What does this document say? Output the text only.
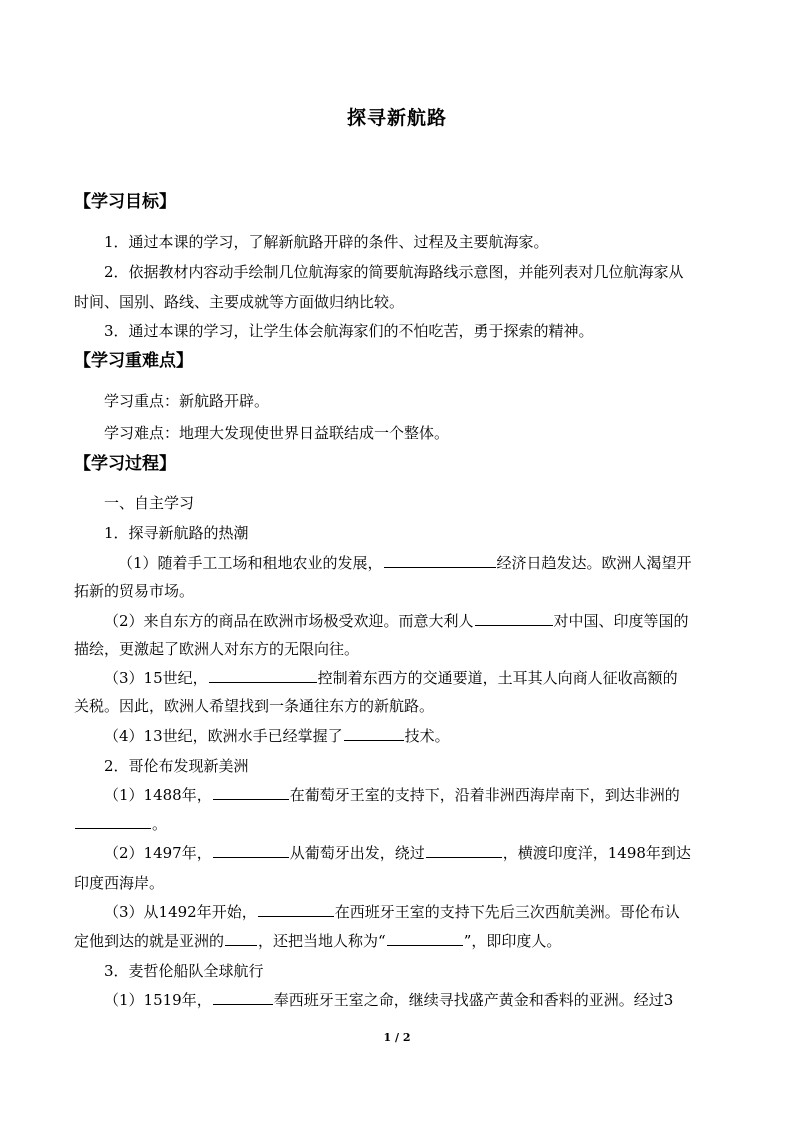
探寻新航路
【学习目标】
1．通过本课的学习，了解新航路开辟的条件、过程及主要航海家。
2．依据教材内容动手绘制几位航海家的简要航海路线示意图，并能列表对几位航海家从
时间、国别、路线、主要成就等方面做归纳比较。
3．通过本课的学习，让学生体会航海家们的不怕吃苦，勇于探索的精神。
【学习重难点】
学习重点：新航路开辟。
学习难点：地理大发现使世界日益联结成一个整体。
【学习过程】
一、自主学习
1．探寻新航路的热潮
（1）随着手工工场和租地农业的发展，	经济日趋发达。欧洲人渴望开
拓新的贸易市场。
（2）来自东方的商品在欧洲市场极受欢迎。而意大利人	对中国、印度等国的
描绘，更激起了欧洲人对东方的无限向往。
（3）15世纪，	控制着东西方的交通要道，土耳其人向商人征收高额的
关税。因此，欧洲人希望找到一条通往东方的新航路。
（4）13世纪，欧洲水手已经掌握了	技术。
2．哥伦布发现新美洲
（1）1488年，	在葡萄牙王室的支持下，沿着非洲西海岸南下，到达非洲的
。
（2）1497年，	从葡萄牙出发，绕过	，横渡印度洋，1498年到达
印度西海岸。
（3）从1492年开始，	在西班牙王室的支持下先后三次西航美洲。哥伦布认
定他到达的就是亚洲的 ，还把当地人称为“	”，即印度人。
3．麦哲伦船队全球航行
（1）1519年，	奉西班牙王室之命，继续寻找盛产黄金和香料的亚洲。经过3
1 / 2
